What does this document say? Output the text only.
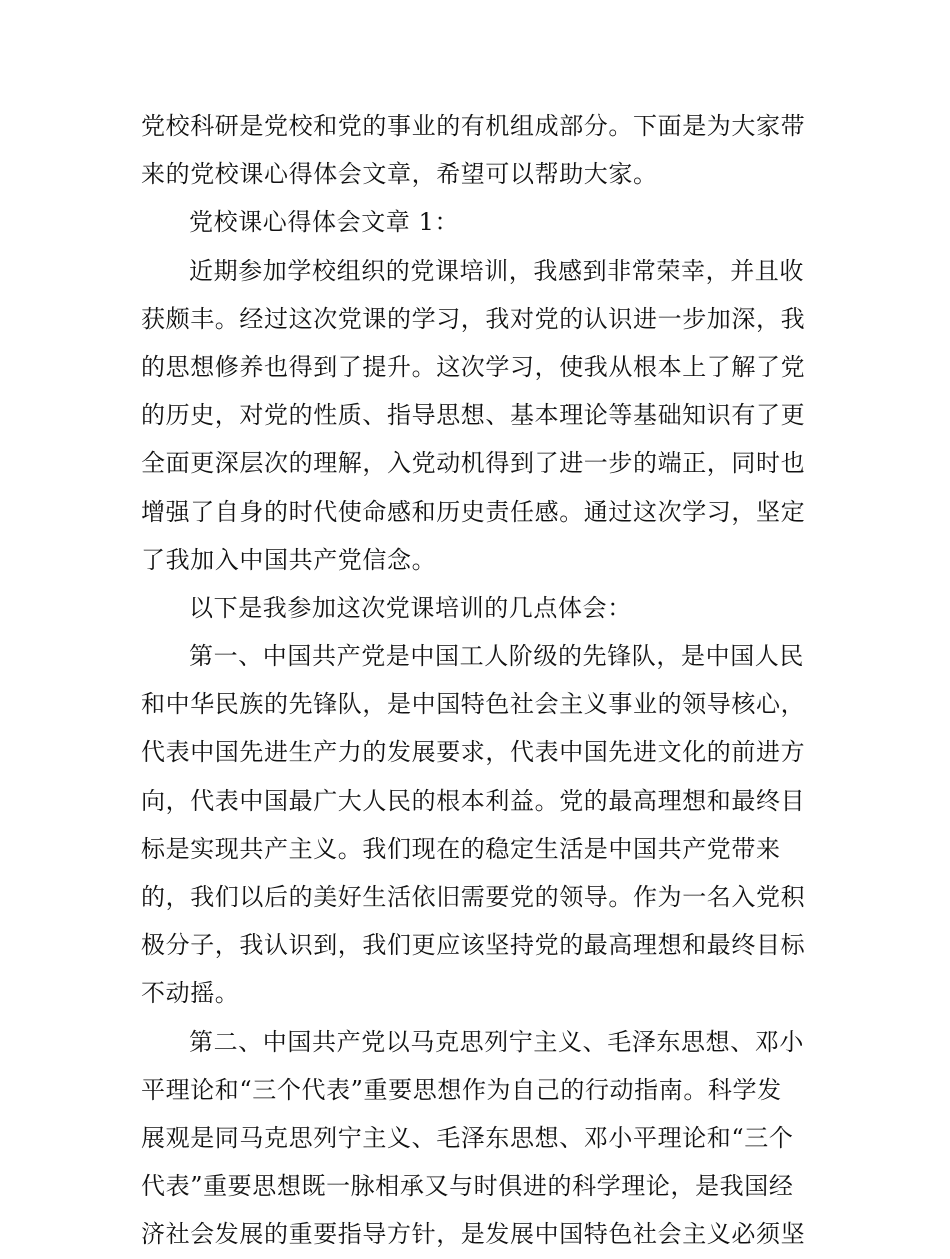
党校科研是党校和党的事业的有机组成部分。下面是为大家带
来的党校课心得体会文章，希望可以帮助大家。
党校课心得体会文章 1：
近期参加学校组织的党课培训，我感到非常荣幸，并且收
获颇丰。经过这次党课的学习，我对党的认识进一步加深，我
的思想修养也得到了提升。这次学习，使我从根本上了解了党
的历史，对党的性质、指导思想、基本理论等基础知识有了更
全面更深层次的理解，入党动机得到了进一步的端正，同时也
增强了自身的时代使命感和历史责任感。通过这次学习，坚定
了我加入中国共产党信念。
以下是我参加这次党课培训的几点体会：
第一、中国共产党是中国工人阶级的先锋队，是中国人民
和中华民族的先锋队，是中国特色社会主义事业的领导核心，
代表中国先进生产力的发展要求，代表中国先进文化的前进方
向，代表中国最广大人民的根本利益。党的最高理想和最终目
标是实现共产主义。我们现在的稳定生活是中国共产党带来
的，我们以后的美好生活依旧需要党的领导。作为一名入党积
极分子，我认识到，我们更应该坚持党的最高理想和最终目标
不动摇。
第二、中国共产党以马克思列宁主义、毛泽东思想、邓小
平理论和“三个代表”重要思想作为自己的行动指南。科学发
展观是同马克思列宁主义、毛泽东思想、邓小平理论和“三个
代表”重要思想既一脉相承又与时俱进的科学理论，是我国经
济社会发展的重要指导方针，是发展中国特色社会主义必须坚
